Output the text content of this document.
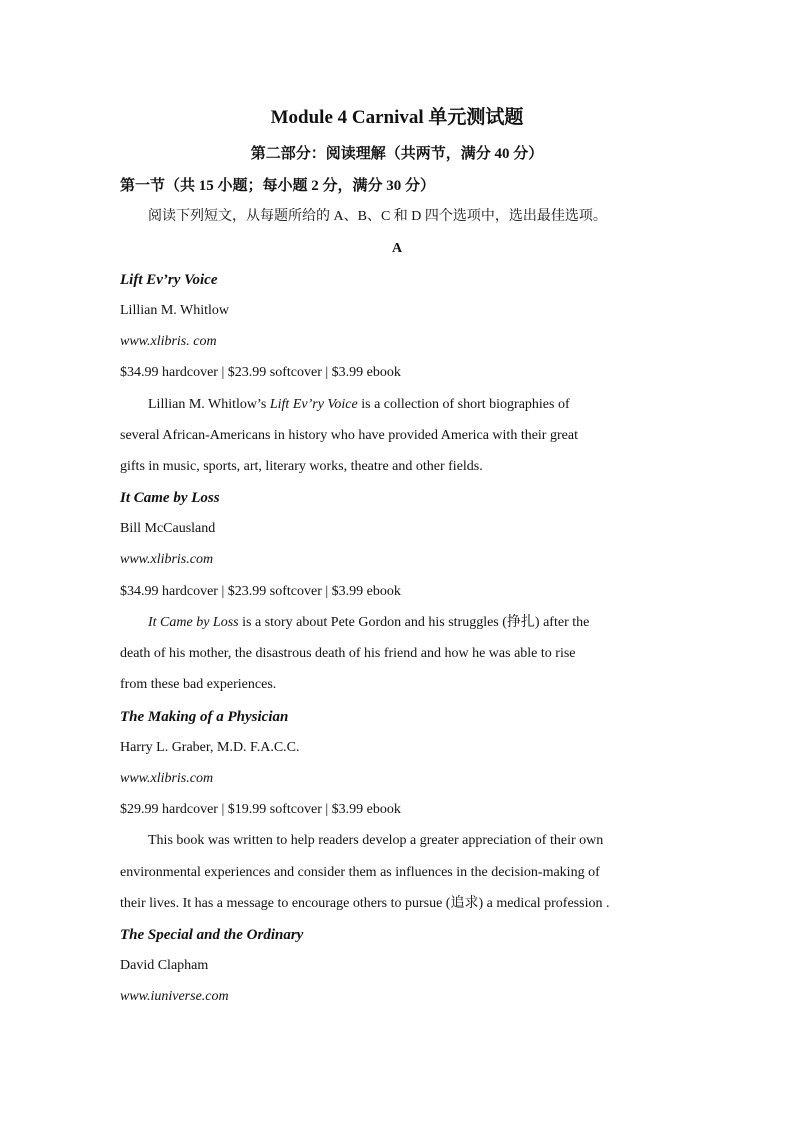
Module 4 Carnival 单元测试题
第二部分：阅读理解（共两节，满分 40 分）
第一节（共 15 小题；每小题 2 分，满分 30 分）
阅读下列短文，从每题所给的 A、B、C 和 D 四个选项中，选出最佳选项。
A
Lift Ev’ry Voice
Lillian M. Whitlow
www.xlibris. com
$34.99 hardcover | $23.99 softcover | $3.99 ebook
Lillian M. Whitlow’s Lift Ev’ry Voice is a collection of short biographies of
several African-Americans in history who have provided America with their great
gifts in music, sports, art, literary works, theatre and other fields.
It Came by Loss
Bill McCausland
www.xlibris.com
$34.99 hardcover | $23.99 softcover | $3.99 ebook
It Came by Loss is a story about Pete Gordon and his struggles (挣扎) after the
death of his mother, the disastrous death of his friend and how he was able to rise
from these bad experiences.
The Making of a Physician
Harry L. Graber, M.D. F.A.C.C.
www.xlibris.com
$29.99 hardcover | $19.99 softcover | $3.99 ebook
This book was written to help readers develop a greater appreciation of their own
environmental experiences and consider them as influences in the decision-making of
their lives. It has a message to encourage others to pursue (追求) a medical profession .
The Special and the Ordinary
David Clapham
www.iuniverse.com
